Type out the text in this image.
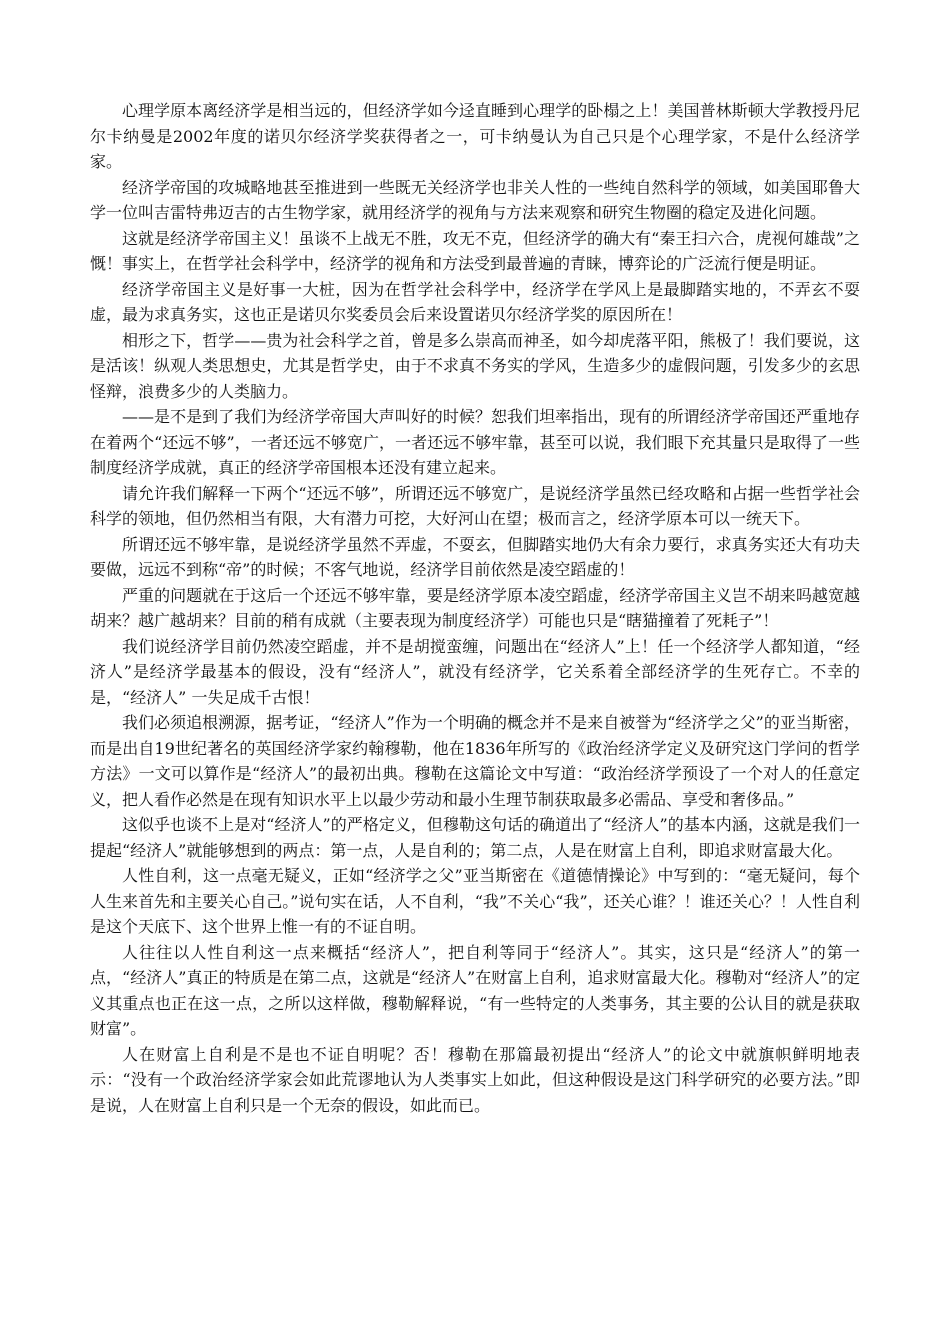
心理学原本离经济学是相当远的，但经济学如今迳直睡到心理学的卧榻之上！美国普林斯顿大学教授丹尼尔卡纳曼是2002年度的诺贝尔经济学奖获得者之一，可卡纳曼认为自己只是个心理学家，不是什么经济学家。

经济学帝国的攻城略地甚至推进到一些既无关经济学也非关人性的一些纯自然科学的领域，如美国耶鲁大学一位叫吉雷特弗迈吉的古生物学家，就用经济学的视角与方法来观察和研究生物圈的稳定及进化问题。

这就是经济学帝国主义！虽谈不上战无不胜，攻无不克，但经济学的确大有“秦王扫六合，虎视何雄哉”之慨！事实上，在哲学社会科学中，经济学的视角和方法受到最普遍的青睐，博弈论的广泛流行便是明证。

经济学帝国主义是好事一大桩，因为在哲学社会科学中，经济学在学风上是最脚踏实地的，不弄玄不耍虚，最为求真务实，这也正是诺贝尔奖委员会后来设置诺贝尔经济学奖的原因所在！

相形之下，哲学——贵为社会科学之首，曾是多么崇高而神圣，如今却虎落平阳，熊极了！我们要说，这是活该！纵观人类思想史，尤其是哲学史，由于不求真不务实的学风，生造多少的虚假问题，引发多少的玄思怪辩，浪费多少的人类脑力。

——是不是到了我们为经济学帝国大声叫好的时候？恕我们坦率指出，现有的所谓经济学帝国还严重地存在着两个“还远不够”，一者还远不够宽广，一者还远不够牢靠，甚至可以说，我们眼下充其量只是取得了一些制度经济学成就，真正的经济学帝国根本还没有建立起来。

请允许我们解释一下两个“还远不够”，所谓还远不够宽广，是说经济学虽然已经攻略和占据一些哲学社会科学的领地，但仍然相当有限，大有潜力可挖，大好河山在望；极而言之，经济学原本可以一统天下。

所谓还远不够牢靠，是说经济学虽然不弄虚，不耍玄，但脚踏实地仍大有余力要行，求真务实还大有功夫要做，远远不到称“帝”的时候；不客气地说，经济学目前依然是凌空蹈虚的！

严重的问题就在于这后一个还远不够牢靠，要是经济学原本凌空蹈虚，经济学帝国主义岂不胡来吗越宽越胡来？越广越胡来？目前的稍有成就（主要表现为制度经济学）可能也只是“瞎猫撞着了死耗子”！

我们说经济学目前仍然凌空蹈虚，并不是胡搅蛮缠，问题出在“经济人”上！任一个经济学人都知道，“经济人”是经济学最基本的假设，没有“经济人”，就没有经济学，它关系着全部经济学的生死存亡。不幸的是，“经济人” 一失足成千古恨！

我们必须追根溯源，据考证，“经济人”作为一个明确的概念并不是来自被誉为“经济学之父”的亚当斯密，而是出自19世纪著名的英国经济学家约翰穆勒，他在1836年所写的《政治经济学定义及研究这门学问的哲学方法》一文可以算作是“经济人”的最初出典。穆勒在这篇论文中写道：“政治经济学预设了一个对人的任意定义，把人看作必然是在现有知识水平上以最少劳动和最小生理节制获取最多必需品、享受和奢侈品。”

这似乎也谈不上是对“经济人”的严格定义，但穆勒这句话的确道出了“经济人”的基本内涵，这就是我们一提起“经济人”就能够想到的两点：第一点，人是自利的；第二点，人是在财富上自利，即追求财富最大化。

人性自利，这一点毫无疑义，正如“经济学之父”亚当斯密在《道德情操论》中写到的：“毫无疑问，每个人生来首先和主要关心自己。”说句实在话，人不自利，“我”不关心“我”，还关心谁？！谁还关心？！人性自利是这个天底下、这个世界上惟一有的不证自明。

人往往以人性自利这一点来概括“经济人”，把自利等同于“经济人”。其实，这只是“经济人”的第一点，“经济人”真正的特质是在第二点，这就是“经济人”在财富上自利，追求财富最大化。穆勒对“经济人”的定义其重点也正在这一点，之所以这样做，穆勒解释说，“有一些特定的人类事务，其主要的公认目的就是获取财富”。

人在财富上自利是不是也不证自明呢？否！穆勒在那篇最初提出“经济人”的论文中就旗帜鲜明地表示：“没有一个政治经济学家会如此荒谬地认为人类事实上如此，但这种假设是这门科学研究的必要方法。”即是说，人在财富上自利只是一个无奈的假设，如此而已。
